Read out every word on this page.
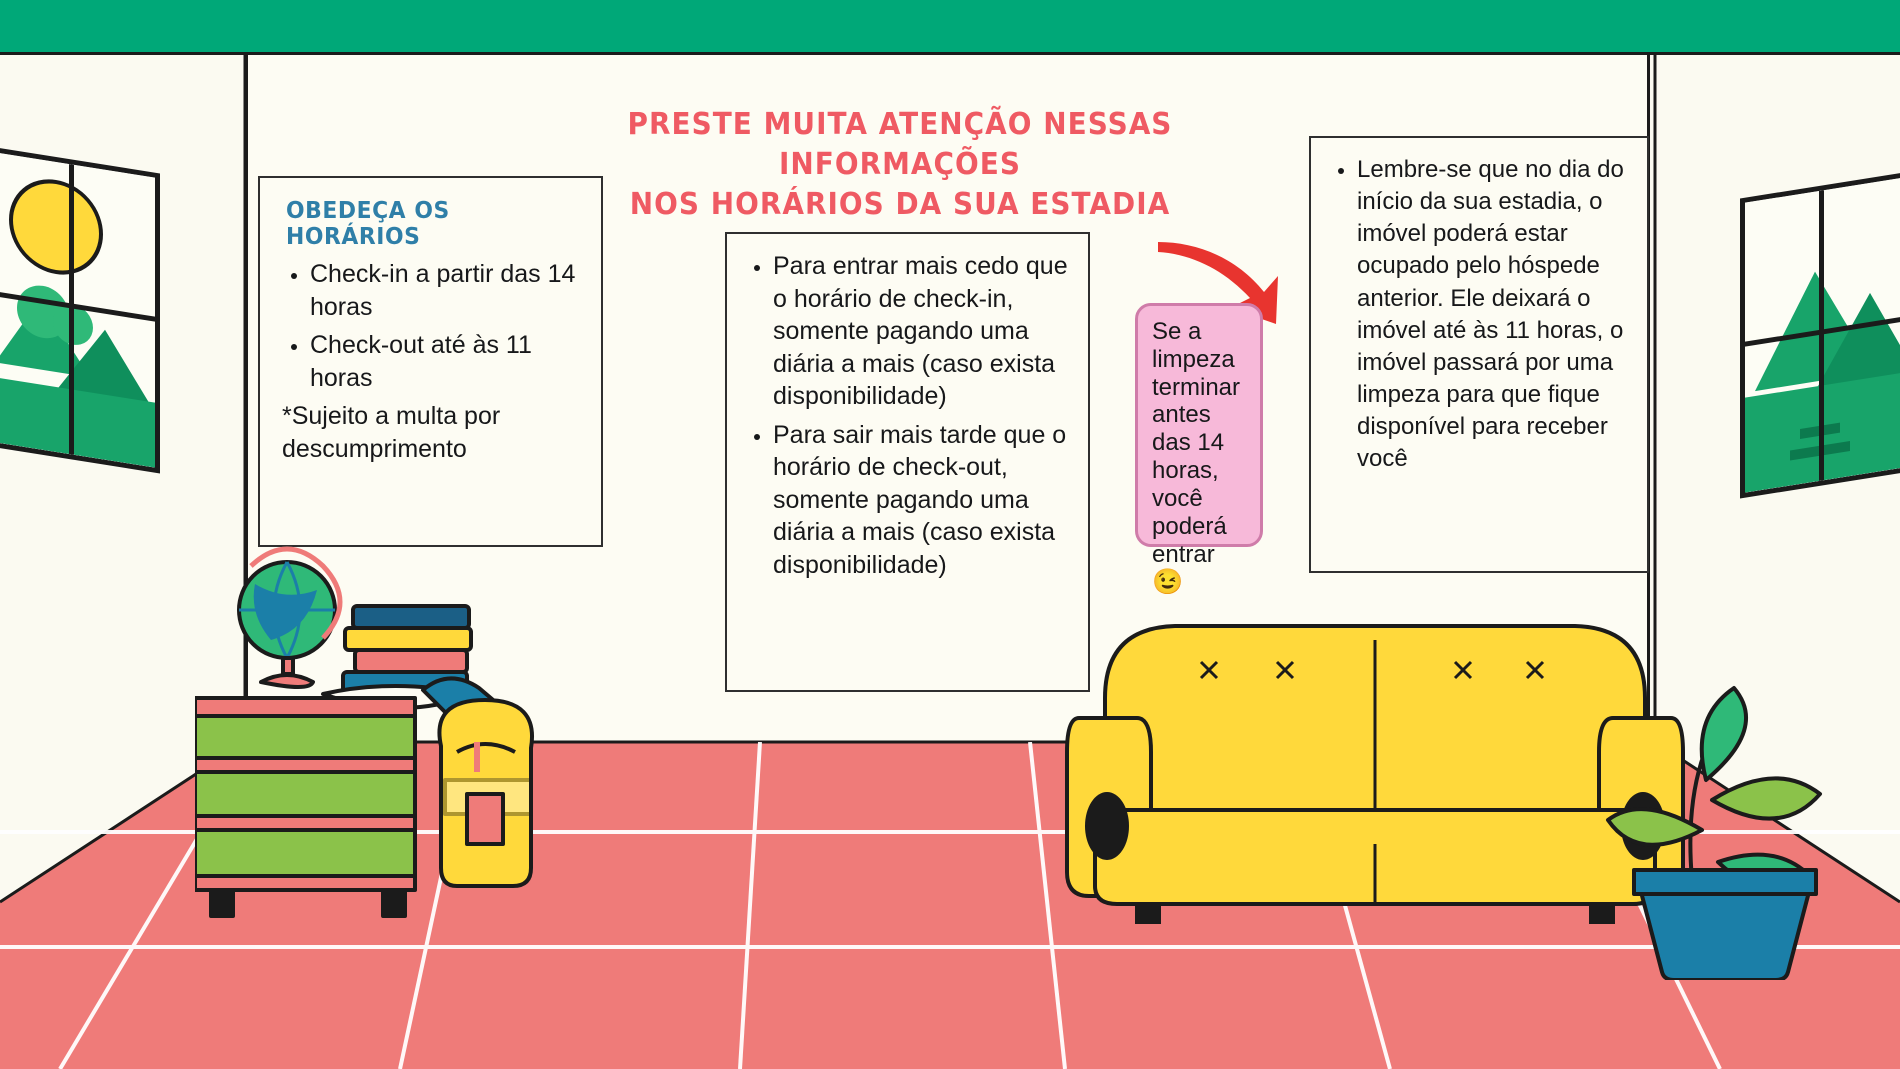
PRESTE MUITA ATENÇÃO NESSAS INFORMAÇÕES
NOS HORÁRIOS DA SUA ESTADIA
OBEDEÇA OS HORÁRIOS
• Check-in a partir das 14 horas
• Check-out até às 11 horas
*Sujeito a multa por descumprimento
• Para entrar mais cedo que o horário de check-in, somente pagando uma diária a mais (caso exista disponibilidade)
• Para sair mais tarde que o horário de check-out, somente pagando uma diária a mais (caso exista disponibilidade)
• Lembre-se que no dia do início da sua estadia, o imóvel poderá estar ocupado pelo hóspede anterior. Ele deixará o imóvel até às 11 horas, o imóvel passará por uma limpeza para que fique disponível para receber você
Se a limpeza terminar antes das 14 horas, você poderá entrar 😉
